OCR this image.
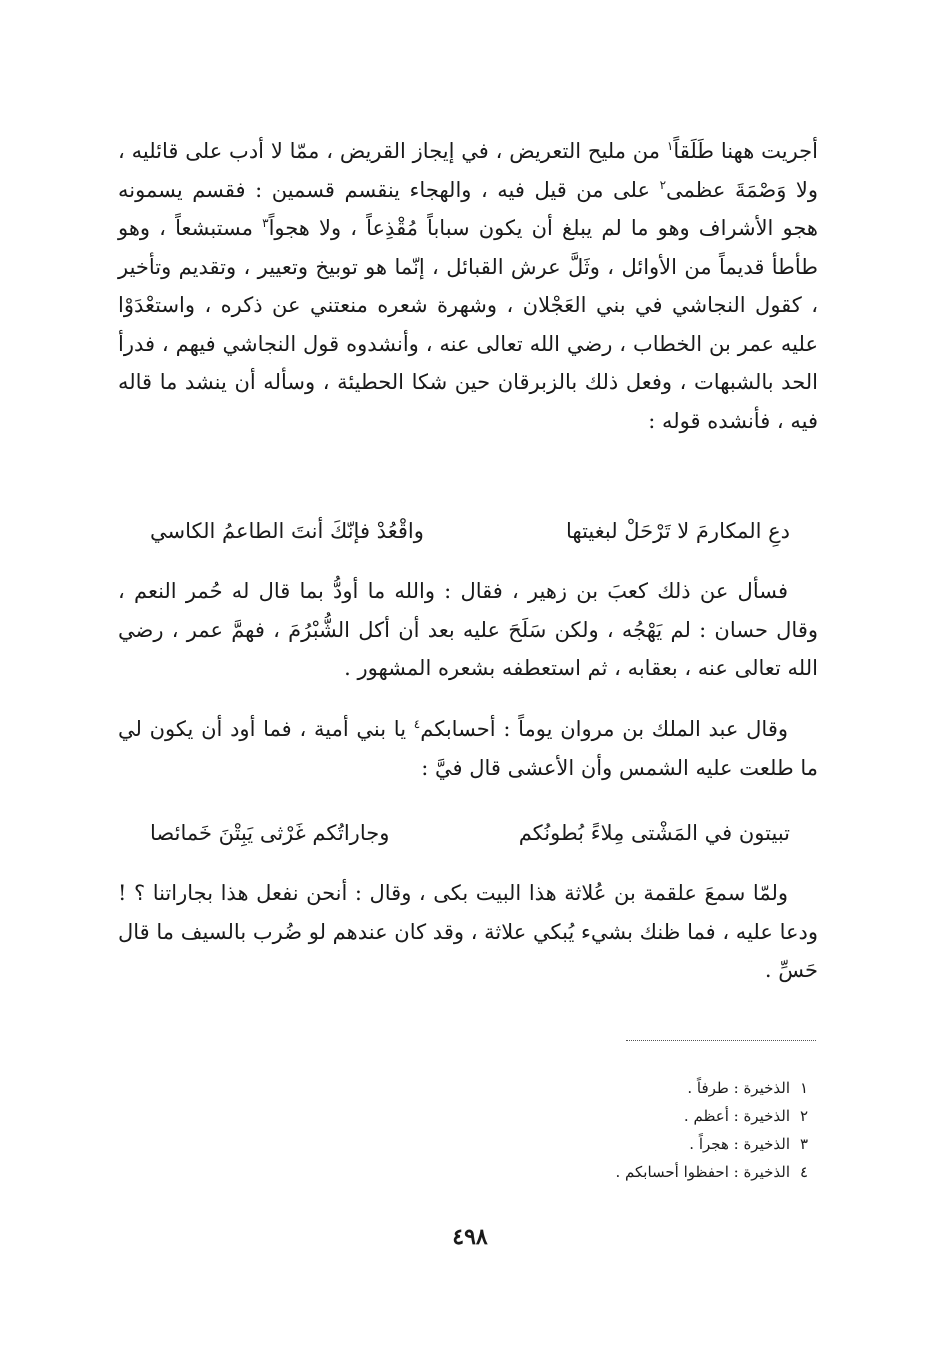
أجريت ههنا طَلَقاً$^١$ من مليح التعريض ، في إيجاز القريض ، ممّا لا أدب على قائليه ، ولا وَصْمَةَ عظمى$^٢$ على من قيل فيه ، والهجاء ينقسم قسمين : فقسم يسمونه هجو الأشراف وهو ما لم يبلغ أن يكون سباباً مُقْذِعاً ، ولا هجواً$^٣$ مستبشعاً ، وهو طأطأ قديماً من الأوائل ، وثَلَّ عرش القبائل ، إنّما هو توبيخ وتعيير ، وتقديم وتأخير ، كقول النجاشي في بني العَجْلان ، وشهرة شعره منعتني عن ذكره ، واستعْدَوْا عليه عمر بن الخطاب ، رضي الله تعالى عنه ، وأنشدوه قول النجاشي فيهم ، فدرأ الحد بالشبهات ، وفعل ذلك بالزبرقان حين شكا الحطيئة ، وسأله أن ينشد ما قاله فيه ، فأنشده قوله :

دعِ المكارمَ لا تَرْحَلْ لبغيتها
واقْعُدْ فإنّكَ أنتَ الطاعمُ الكاسي

فسأل عن ذلك كعبَ بن زهير ، فقال : والله ما أودُّ بما قال له حُمر النعم ، وقال حسان : لم يَهْجُه ، ولكن سَلَحَ عليه بعد أن أكل الشُّبْرُمَ ، فهمَّ عمر ، رضي الله تعالى عنه ، بعقابه ، ثم استعطفه بشعره المشهور .

وقال عبد الملك بن مروان يوماً : أحسابكم$^٤$ يا بني أمية ، فما أود أن يكون لي ما طلعت عليه الشمس وأن الأعشى قال فيَّ :

تبيتون في المَشْتى مِلاءً بُطونُكم
وجاراتُكم غَرْثى يَبِتْنَ خَمائصا

ولمّا سمعَ علقمة بن عُلاثة هذا البيت بكى ، وقال : أنحن نفعل هذا بجاراتنا ؟ ! ودعا عليه ، فما ظنك بشيء يُبكي علاثة ، وقد كان عندهم لو ضُرب بالسيف ما قال حَسِّ .

١الذخيرة : طرفاً .
٢الذخيرة : أعظم .
٣الذخيرة : هجراً .
٤الذخيرة : احفظوا أحسابكم .
٤٩٨
